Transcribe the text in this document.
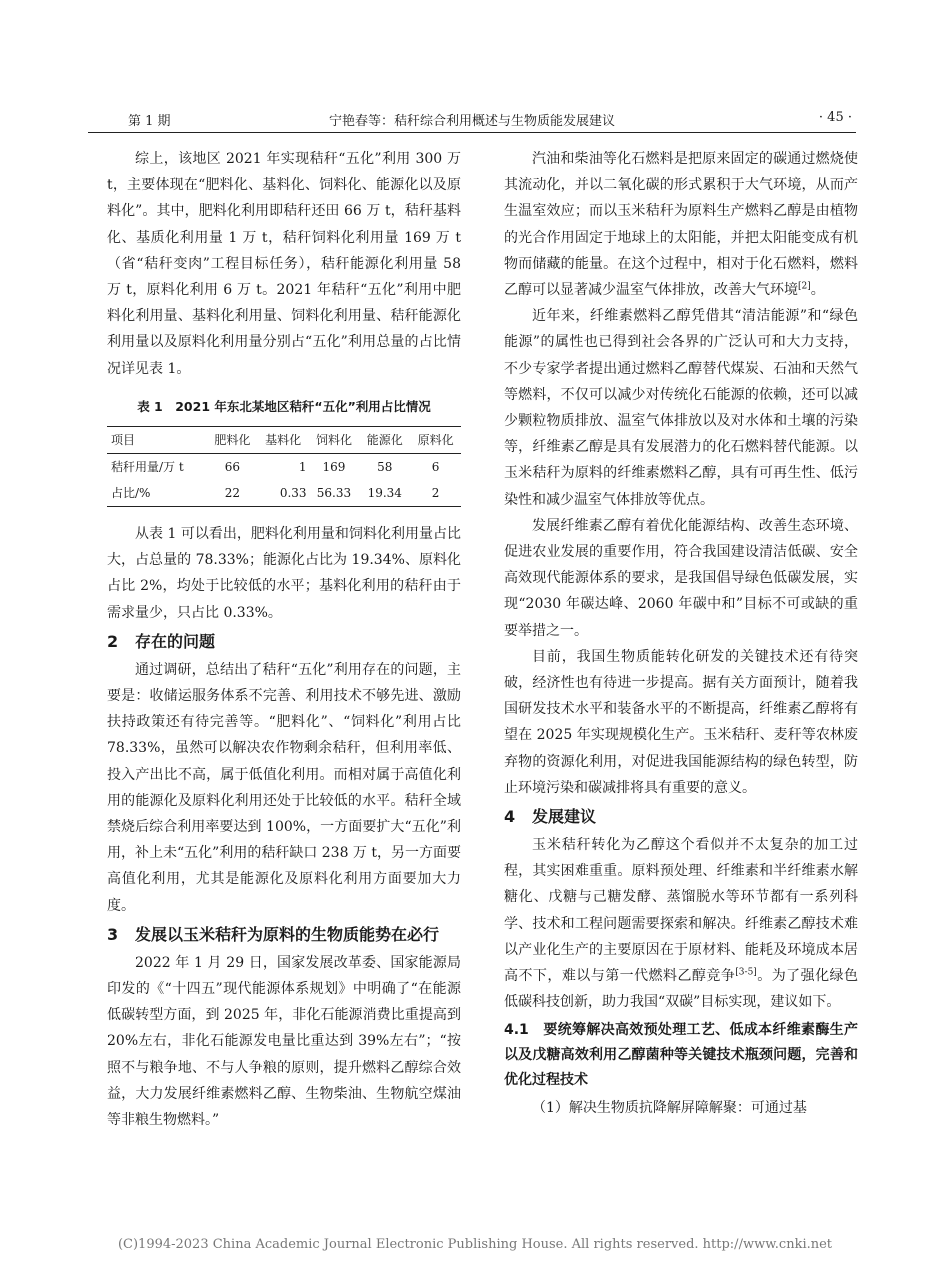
第 1 期	宁艳春等：秸秆综合利用概述与生物质能发展建议	· 45 ·

综上，该地区 2021 年实现秸秆“五化”利用 300 万 t，主要体现在“肥料化、基料化、饲料化、能源化以及原料化”。其中，肥料化利用即秸秆还田 66 万 t，秸秆基料化、基质化利用量 1 万 t，秸秆饲料化利用量 169 万 t（省“秸秆变肉”工程目标任务），秸秆能源化利用量 58 万 t，原料化利用 6 万 t。2021 年秸秆“五化”利用中肥料化利用量、基料化利用量、饲料化利用量、秸秆能源化利用量以及原料化利用量分别占“五化”利用总量的占比情况详见表 1。

表 1　2021 年东北某地区秸秆“五化”利用占比情况
项目	肥料化	基料化	饲料化	能源化	原料化
秸秆用量/万 t	66	1	169	58	6
占比/%	22	0.33	56.33	19.34	2

从表 1 可以看出，肥料化利用量和饲料化利用量占比大，占总量的 78.33%；能源化占比为 19.34%、原料化占比 2%，均处于比较低的水平；基料化利用的秸秆由于需求量少，只占比 0.33%。

2 存在的问题

通过调研，总结出了秸秆“五化”利用存在的问题，主要是：收储运服务体系不完善、利用技术不够先进、激励扶持政策还有待完善等。“肥料化”、“饲料化”利用占比 78.33%，虽然可以解决农作物剩余秸秆，但利用率低、投入产出比不高，属于低值化利用。而相对属于高值化利用的能源化及原料化利用还处于比较低的水平。秸秆全域禁烧后综合利用率要达到 100%，一方面要扩大“五化”利用，补上未“五化”利用的秸秆缺口 238 万 t，另一方面要高值化利用，尤其是能源化及原料化利用方面要加大力度。

3 发展以玉米秸秆为原料的生物质能势在必行

2022 年 1 月 29 日，国家发展改革委、国家能源局印发的《“十四五”现代能源体系规划》中明确了“在能源低碳转型方面，到 2025 年，非化石能源消费比重提高到 20%左右，非化石能源发电量比重达到 39%左右”；“按照不与粮争地、不与人争粮的原则，提升燃料乙醇综合效益，大力发展纤维素燃料乙醇、生物柴油、生物航空煤油等非粮生物燃料。”

汽油和柴油等化石燃料是把原来固定的碳通过燃烧使其流动化，并以二氧化碳的形式累积于大气环境，从而产生温室效应；而以玉米秸秆为原料生产燃料乙醇是由植物的光合作用固定于地球上的太阳能，并把太阳能变成有机物而储藏的能量。在这个过程中，相对于化石燃料，燃料乙醇可以显著减少温室气体排放，改善大气环境[2]。

近年来，纤维素燃料乙醇凭借其“清洁能源”和“绿色能源”的属性也已得到社会各界的广泛认可和大力支持，不少专家学者提出通过燃料乙醇替代煤炭、石油和天然气等燃料，不仅可以减少对传统化石能源的依赖，还可以减少颗粒物质排放、温室气体排放以及对水体和土壤的污染等，纤维素乙醇是具有发展潜力的化石燃料替代能源。以玉米秸秆为原料的纤维素燃料乙醇，具有可再生性、低污染性和减少温室气体排放等优点。

发展纤维素乙醇有着优化能源结构、改善生态环境、促进农业发展的重要作用，符合我国建设清洁低碳、安全高效现代能源体系的要求，是我国倡导绿色低碳发展，实现“2030 年碳达峰、2060 年碳中和”目标不可或缺的重要举措之一。

目前，我国生物质能转化研发的关键技术还有待突破，经济性也有待进一步提高。据有关方面预计，随着我国研发技术水平和装备水平的不断提高，纤维素乙醇将有望在 2025 年实现规模化生产。玉米秸秆、麦秆等农林废弃物的资源化利用，对促进我国能源结构的绿色转型，防止环境污染和碳减排将具有重要的意义。

4 发展建议

玉米秸秆转化为乙醇这个看似并不太复杂的加工过程，其实困难重重。原料预处理、纤维素和半纤维素水解糖化、戊糖与己糖发酵、蒸馏脱水等环节都有一系列科学、技术和工程问题需要探索和解决。纤维素乙醇技术难以产业化生产的主要原因在于原材料、能耗及环境成本居高不下，难以与第一代燃料乙醇竞争[3-5]。为了强化绿色低碳科技创新，助力我国“双碳”目标实现，建议如下。

4.1　要统筹解决高效预处理工艺、低成本纤维素酶生产以及戊糖高效利用乙醇菌种等关键技术瓶颈问题，完善和优化过程技术

（1）解决生物质抗降解屏障解聚：可通过基

(C)1994-2023 China Academic Journal Electronic Publishing House. All rights reserved. http://www.cnki.net
